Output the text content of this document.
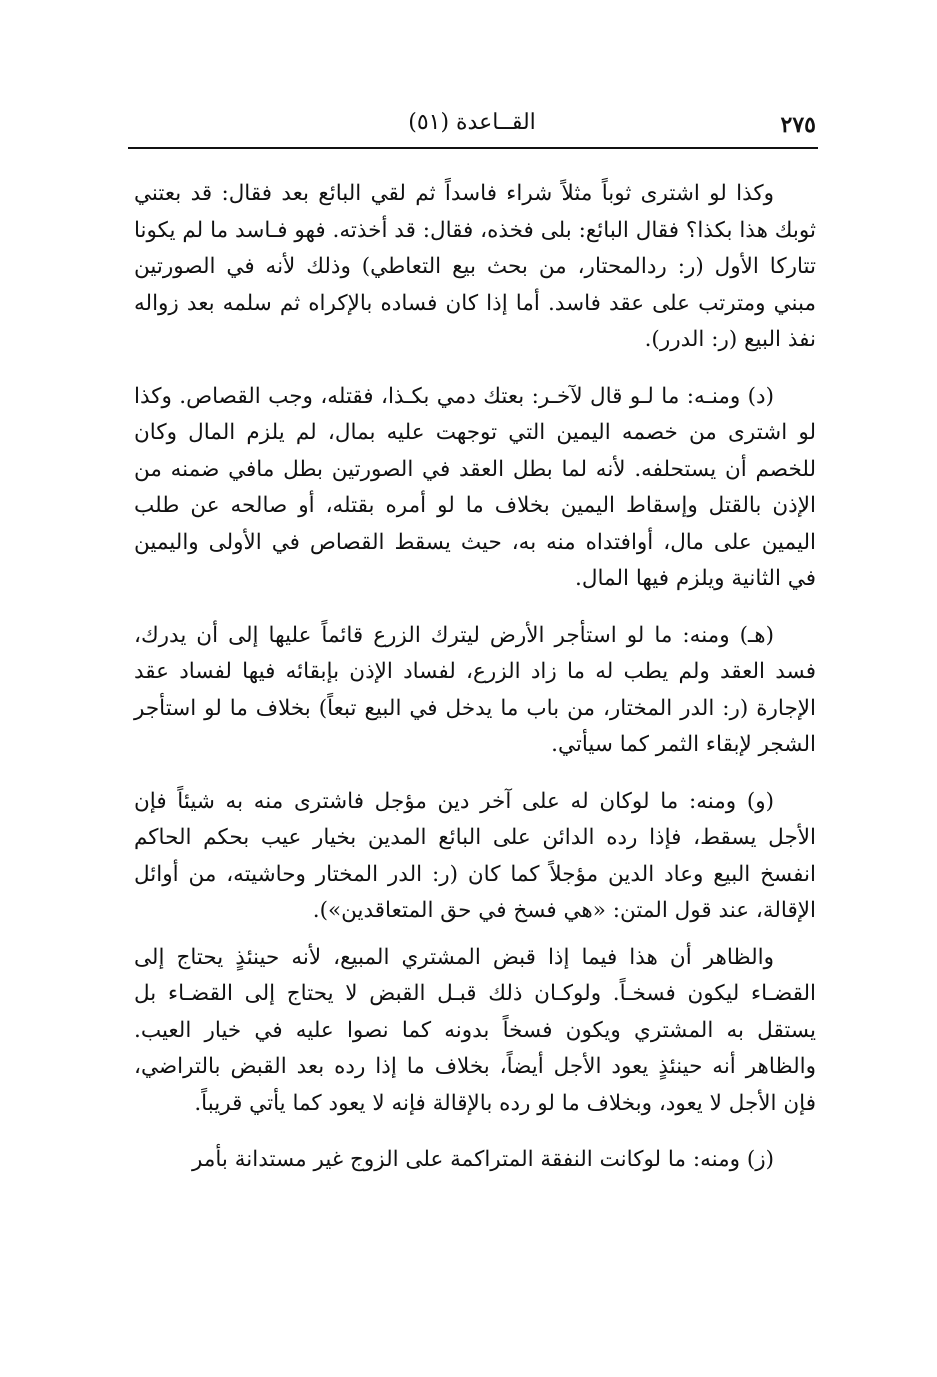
٢٧٥
القــاعدة (٥١)

وكذا لو اشترى ثوباً مثلاً شراء فاسداً ثم لقي البائع بعد فقال: قد بعتني ثوبك هذا بكذا؟ فقال البائع: بلى فخذه، فقال: قد أخذته. فهو فـاسد ما لم يكونا تتاركا الأول (ر: ردالمحتار، من بحث بيع التعاطي) وذلك لأنه في الصورتين مبني ومترتب على عقد فاسد. أما إذا كان فساده بالإكراه ثم سلمه بعد زواله نفذ البيع (ر: الدرر).

(د) ومنـه: ما لـو قال لآخـر: بعتك دمي بكـذا، فقتله، وجب القصاص. وكذا لو اشترى من خصمه اليمين التي توجهت عليه بمال، لم يلزم المال وكان للخصم أن يستحلفه. لأنه لما بطل العقد في الصورتين بطل مافي ضمنه من الإذن بالقتل وإسقاط اليمين بخلاف ما لو أمره بقتله، أو صالحه عن طلب اليمين على مال، أوافتداه منه به، حيث يسقط القصاص في الأولى واليمين في الثانية ويلزم فيها المال.

(هـ) ومنه: ما لو استأجر الأرض ليترك الزرع قائماً عليها إلى أن يدرك، فسد العقد ولم يطب له ما زاد الزرع، لفساد الإذن بإبقائه فيها لفساد عقد الإجارة (ر: الدر المختار، من باب ما يدخل في البيع تبعاً) بخلاف ما لو استأجر الشجر لإبقاء الثمر كما سيأتي.

(و) ومنه: ما لوكان له على آخر دين مؤجل فاشترى منه به شيئاً فإن الأجل يسقط، فإذا رده الدائن على البائع المدين بخيار عيب بحكم الحاكم انفسخ البيع وعاد الدين مؤجلاً كما كان (ر: الدر المختار وحاشيته، من أوائل الإقالة، عند قول المتن: «هي فسخ في حق المتعاقدين»).

والظاهر أن هذا فيما إذا قبض المشتري المبيع، لأنه حينئذٍ يحتاج إلى القضـاء ليكون فسخـاً. ولوكـان ذلك قبـل القبض لا يحتاج إلى القضـاء بل يستقل به المشتري ويكون فسخاً بدونه كما نصوا عليه في خيار العيب. والظاهر أنه حينئذٍ يعود الأجل أيضاً، بخلاف ما إذا رده بعد القبض بالتراضي، فإن الأجل لا يعود، وبخلاف ما لو رده بالإقالة فإنه لا يعود كما يأتي قريباً.

(ز) ومنه: ما لوكانت النفقة المتراكمة على الزوج غير مستدانة بأمر
